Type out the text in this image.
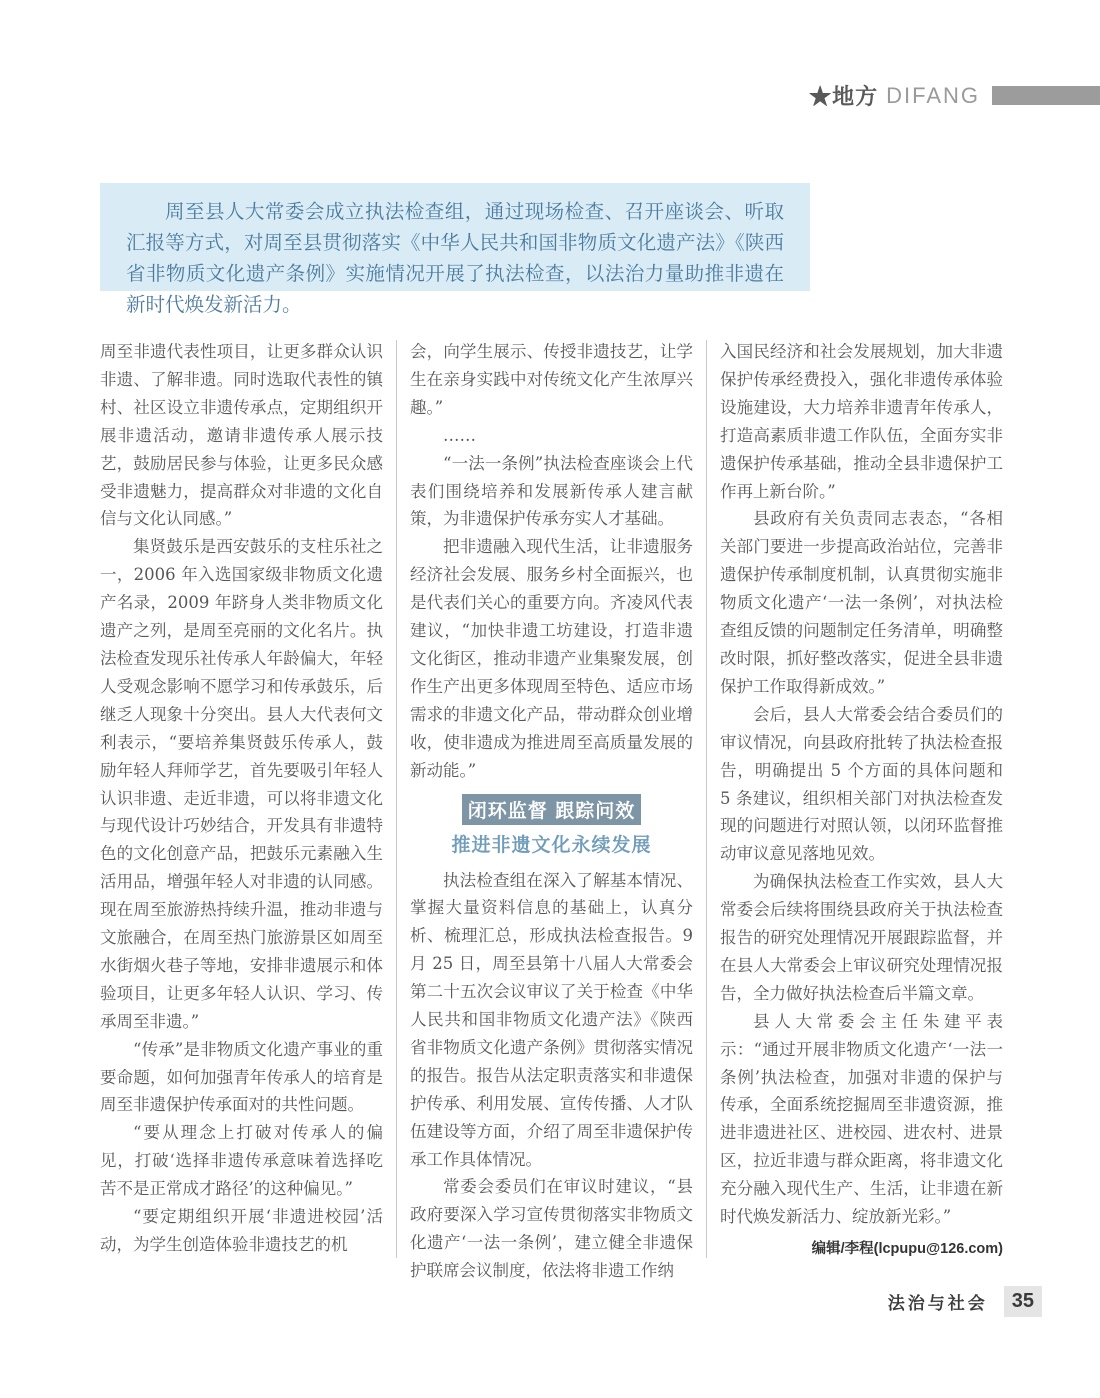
★地方 DIFANG

周至县人大常委会成立执法检查组，通过现场检查、召开座谈会、听取汇报等方式，对周至县贯彻落实《中华人民共和国非物质文化遗产法》《陕西省非物质文化遗产条例》实施情况开展了执法检查，以法治力量助推非遗在新时代焕发新活力。

周至非遗代表性项目，让更多群众认识非遗、了解非遗。同时选取代表性的镇村、社区设立非遗传承点，定期组织开展非遗活动，邀请非遗传承人展示技艺，鼓励居民参与体验，让更多民众感受非遗魅力，提高群众对非遗的文化自信与文化认同感。”

集贤鼓乐是西安鼓乐的支柱乐社之一，2006 年入选国家级非物质文化遗产名录，2009 年跻身人类非物质文化遗产之列，是周至亮丽的文化名片。执法检查发现乐社传承人年龄偏大，年轻人受观念影响不愿学习和传承鼓乐，后继乏人现象十分突出。县人大代表何文利表示，“要培养集贤鼓乐传承人，鼓励年轻人拜师学艺，首先要吸引年轻人认识非遗、走近非遗，可以将非遗文化与现代设计巧妙结合，开发具有非遗特色的文化创意产品，把鼓乐元素融入生活用品，增强年轻人对非遗的认同感。现在周至旅游热持续升温，推动非遗与文旅融合，在周至热门旅游景区如周至水街烟火巷子等地，安排非遗展示和体验项目，让更多年轻人认识、学习、传承周至非遗。”

“传承”是非物质文化遗产事业的重要命题，如何加强青年传承人的培育是周至非遗保护传承面对的共性问题。

“要从理念上打破对传承人的偏见，打破‘选择非遗传承意味着选择吃苦不是正常成才路径’的这种偏见。”

“要定期组织开展‘非遗进校园’活动，为学生创造体验非遗技艺的机

会，向学生展示、传授非遗技艺，让学生在亲身实践中对传统文化产生浓厚兴趣。”

……

“一法一条例”执法检查座谈会上代表们围绕培养和发展新传承人建言献策，为非遗保护传承夯实人才基础。

把非遗融入现代生活，让非遗服务经济社会发展、服务乡村全面振兴，也是代表们关心的重要方向。齐凌风代表建议，“加快非遗工坊建设，打造非遗文化街区，推动非遗产业集聚发展，创作生产出更多体现周至特色、适应市场需求的非遗文化产品，带动群众创业增收，使非遗成为推进周至高质量发展的新动能。”

闭环监督 跟踪问效
推进非遗文化永续发展

执法检查组在深入了解基本情况、掌握大量资料信息的基础上，认真分析、梳理汇总，形成执法检查报告。9 月 25 日，周至县第十八届人大常委会第二十五次会议审议了关于检查《中华人民共和国非物质文化遗产法》《陕西省非物质文化遗产条例》贯彻落实情况的报告。报告从法定职责落实和非遗保护传承、利用发展、宣传传播、人才队伍建设等方面，介绍了周至非遗保护传承工作具体情况。

常委会委员们在审议时建议，“县政府要深入学习宣传贯彻落实非物质文化遗产‘一法一条例’，建立健全非遗保护联席会议制度，依法将非遗工作纳

入国民经济和社会发展规划，加大非遗保护传承经费投入，强化非遗传承体验设施建设，大力培养非遗青年传承人，打造高素质非遗工作队伍，全面夯实非遗保护传承基础，推动全县非遗保护工作再上新台阶。”

县政府有关负责同志表态，“各相关部门要进一步提高政治站位，完善非遗保护传承制度机制，认真贯彻实施非物质文化遗产‘一法一条例’，对执法检查组反馈的问题制定任务清单，明确整改时限，抓好整改落实，促进全县非遗保护工作取得新成效。”

会后，县人大常委会结合委员们的审议情况，向县政府批转了执法检查报告，明确提出 5 个方面的具体问题和 5 条建议，组织相关部门对执法检查发现的问题进行对照认领，以闭环监督推动审议意见落地见效。

为确保执法检查工作实效，县人大常委会后续将围绕县政府关于执法检查报告的研究处理情况开展跟踪监督，并在县人大常委会上审议研究处理情况报告，全力做好执法检查后半篇文章。

县人大常委会主任朱建平表示：“通过开展非物质文化遗产‘一法一条例’执法检查，加强对非遗的保护与传承，全面系统挖掘周至非遗资源，推进非遗进社区、进校园、进农村、进景区，拉近非遗与群众距离，将非遗文化充分融入现代生产、生活，让非遗在新时代焕发新活力、绽放新光彩。”

编辑/李程(lcpupu@126.com)
法治与社会	35
